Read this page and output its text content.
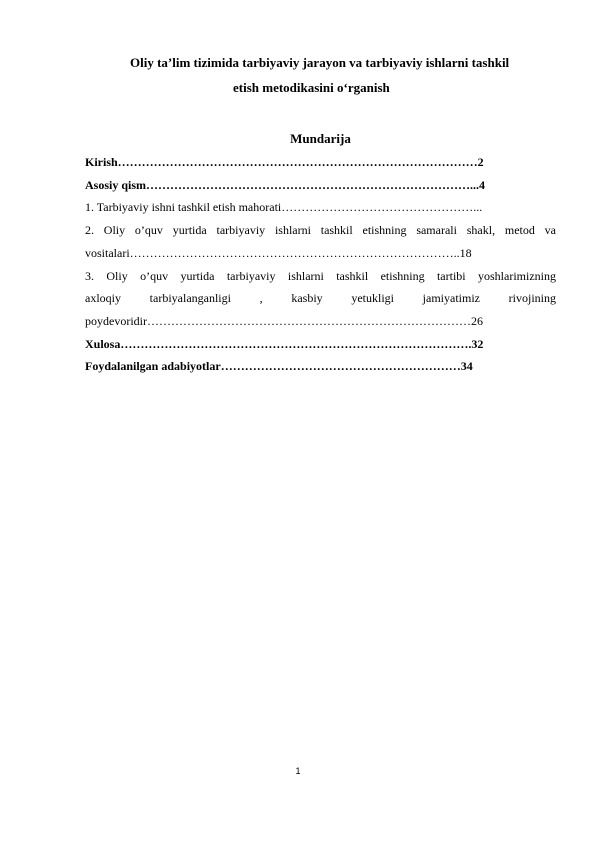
Oliy ta’lim tizimida tarbiyaviy jarayon va tarbiyaviy ishlarni tashkil
etish metodikasini o‘rganish
Mundarija
Kirish………………………………………………………………………………2
Asosiy qism………………………………………………………………………...4
1. Tarbiyaviy ishni tashkil etish mahorati…………………………………………...
2. Oliy o’quv yurtida tarbiyaviy ishlarni tashkil etishning samarali shakl, metod va
vositalari………………………………………………………………………..18
3. Oliy o’quv yurtida tarbiyaviy ishlarni tashkil etishning tartibi yoshlarimizning
axloqiy tarbiyalanganligi , kasbiy yetukligi jamiyatimiz rivojining
poydevoridir………………………………………………………………………26
Xulosa…………………………………………………………………………….32
Foydalanilgan adabiyotlar……………………………………………………34
1
